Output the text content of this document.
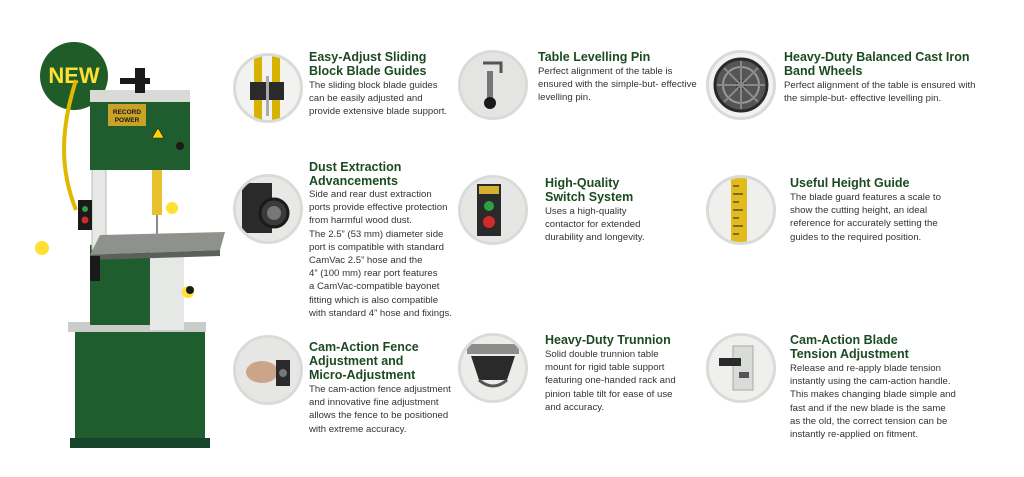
NEW
RECORD
POWER
Easy-Adjust Sliding
Block Blade Guides
The sliding block blade guides
can be easily adjusted and
provide extensive blade support.
Table Levelling Pin
Perfect alignment of the table is
ensured with the simple-but- effective
levelling pin.
Heavy-Duty Balanced Cast Iron
Band Wheels
Perfect alignment of the table is ensured with
the simple-but- effective levelling pin.
Dust Extraction
Advancements
Side and rear dust extraction
ports provide effective protection
from harmful wood dust.
The 2.5” (53 mm) diameter side
port is compatible with standard
CamVac 2.5” hose and the
4” (100 mm) rear port features
a CamVac-compatible bayonet
fitting which is also compatible
with standard 4” hose and fixings.
High-Quality
Switch System
Uses a high-quality
contactor for extended
durability and longevity.
Useful Height Guide
The blade guard features a scale to
show the cutting height, an ideal
reference for accurately setting the
guides to the required position.
Cam-Action Fence
Adjustment and
Micro-Adjustment
The cam-action fence adjustment
and innovative fine adjustment
allows the fence to be positioned
with extreme accuracy.
Heavy-Duty Trunnion
Solid double trunnion table
mount for rigid table support
featuring one-handed rack and
pinion table tilt for ease of use
and accuracy.
Cam-Action Blade
Tension Adjustment
Release and re-apply blade tension
instantly using the cam-action handle.
This makes changing blade simple and
fast and if the new blade is the same
as the old, the correct tension can be
instantly re-applied on fitment.
